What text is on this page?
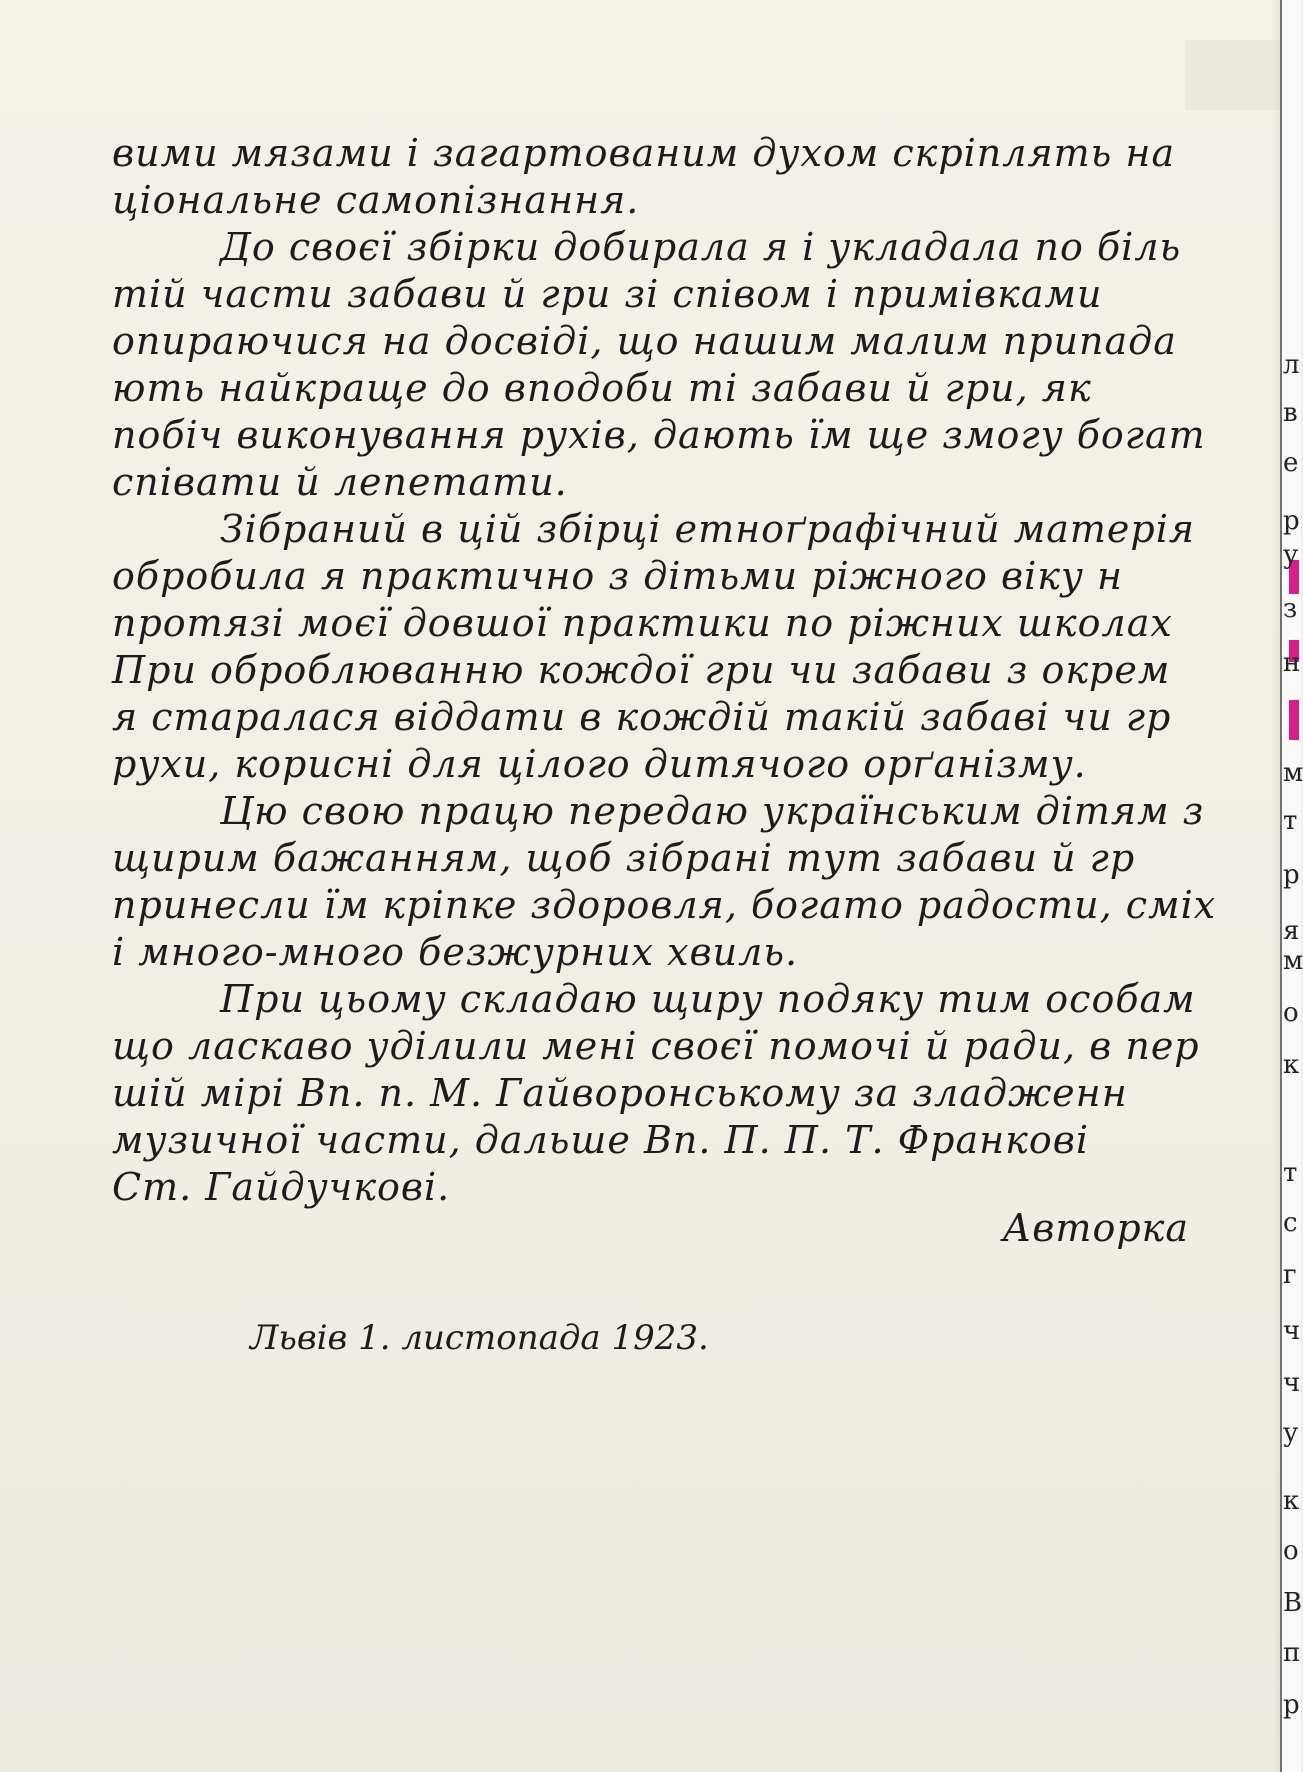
вими мязами і загартованим духом скріплять на
ціональне самопізнання.
До своєї збірки добирала я і укладала по біль
тій части забави й гри зі співом і примівками
опираючися на досвіді, що нашим малим припада
ють найкраще до вподоби ті забави й гри, як
побіч виконування рухів, дають їм ще змогу богат
співати й лепетати.
Зібраний в цій збірці етноґрафічний матерія
обробила я практично з дітьми ріжного віку н
протязі моєї довшої практики по ріжних школах
При оброблюванню кождої гри чи забави з окрем
я старалася віддати в кождій такій забаві чи гр
рухи, корисні для цілого дитячого орґанізму.
Цю свою працю передаю українським дітям з
щирим бажанням, щоб зібрані тут забави й гр
принесли їм кріпке здоровля, богато радости, сміх
і много-много безжурних хвиль.
При цьому складаю щиру подяку тим особам
що ласкаво уділили мені своєї помочі й ради, в пер
шій мірі Вп. п. М. Гайворонському за зладженн
музичної части, дальше Вп. П. П. Т. Франкові
Ст. Гайдучкові.
Авторка
Львів 1. листопада 1923.
л
в
е
р
у
з
н
м
т
р
я
м
о
к
т
с
г
ч
ч
у
к
о
В
п
р
